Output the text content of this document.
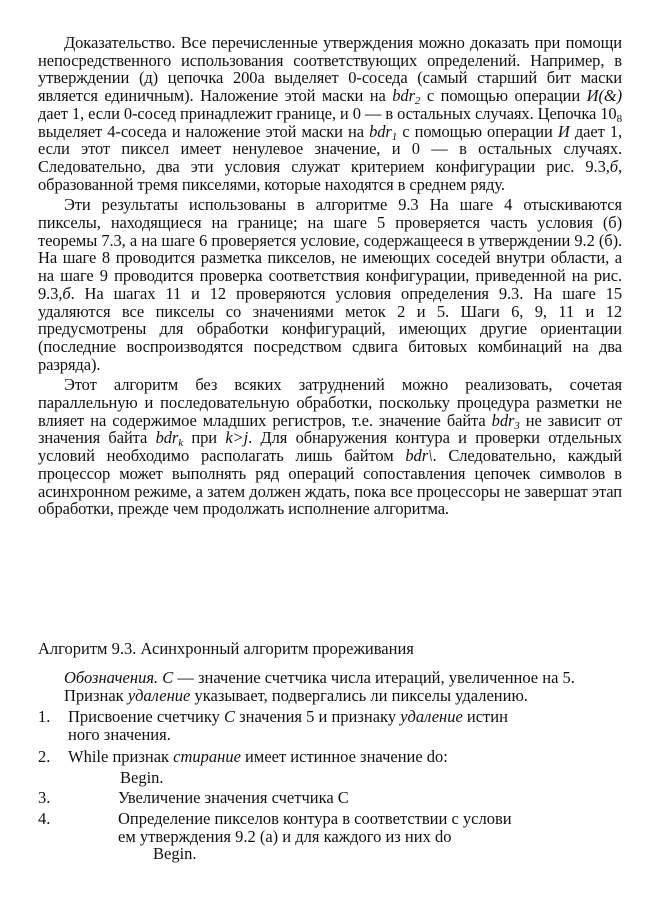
Доказательство. Все перечисленные утверждения можно доказать при помощи непосредственного использования соответствующих определений. Например, в утверждении (д) цепочка 200a выделяет 0-соседа (самый старший бит маски является единичным). Наложение этой маски на bdr$_2$ с помощью операции И(&) дает 1, если 0-сосед принадлежит границе, и 0 — в остальных случаях. Цепочка $10_8$ выделяет 4-соседа и наложение этой маски на bdr$_1$ с помощью операции И дает 1, если этот пиксел имеет ненулевое значение, и 0 — в остальных случаях. Следовательно, два эти условия служат критерием конфигурации рис. 9.3,б, образованной тремя пикселями, которые находятся в среднем ряду.

Эти результаты использованы в алгоритме 9.3 На шаге 4 отыскиваются пикселы, находящиеся на границе; на шаге 5 проверяется часть условия (б) теоремы 7.3, а на шаге 6 проверяется условие, содержащееся в утверждении 9.2 (б). На шаге 8 проводится разметка пикселов, не имеющих соседей внутри области, а на шаге 9 проводится проверка соответствия конфигурации, приведенной на рис. 9.3,б. На шагах 11 и 12 проверяются условия определения 9.3. На шаге 15 удаляются все пикселы со значениями меток 2 и 5. Шаги 6, 9, 11 и 12 предусмотрены для обработки конфигураций, имеющих другие ориентации (последние воспроизводятся посредством сдвига битовых комбинаций на два разряда).

Этот алгоритм без всяких затруднений можно реализовать, сочетая параллельную и последовательную обработки, поскольку процедура разметки не влияет на содержимое младших регистров, т.е. значение байта bdr$_3$ не зависит от значения байта bdr$_k$ при k>j. Для обнаружения контура и проверки отдельных условий необходимо располагать лишь байтом bdr\. Следовательно, каждый процессор может выполнять ряд операций сопоставления цепочек символов в асинхронном режиме, а затем должен ждать, пока все процессоры не завершат этап обработки, прежде чем продолжать исполнение алгоритма.

Алгоритм 9.3. Асинхронный алгоритм прореживания

Обозначения. C — значение счетчика числа итераций, увеличенное на 5. Признак удаление указывает, подвергались ли пикселы удалению.

1. Присвоение счетчику C значения 5 и признаку удаление истин
ного значения.
2. While признак стирание имеет истинное значение do:
Begin.
3.	Увеличение значения счетчика C
4.	Определение пикселов контура в соответствии с услови
ем утверждения 9.2 (а) и для каждого из них do
Begin.
